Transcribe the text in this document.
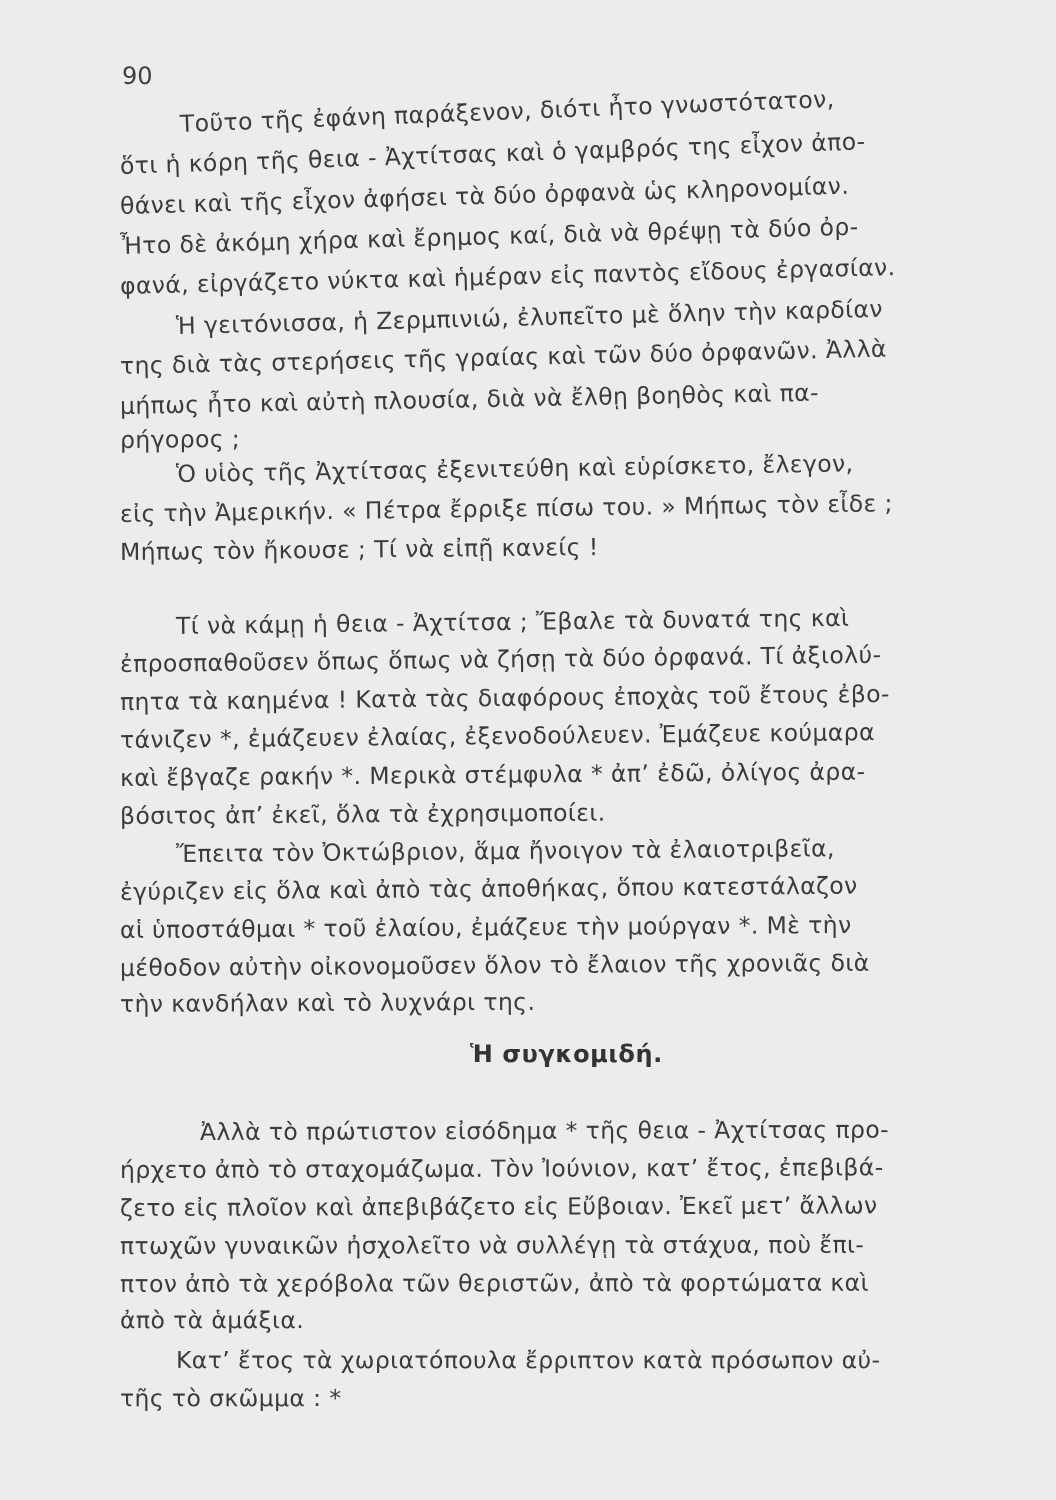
90
Τοῦτο τῆς ἐφάνη παράξενον, διότι ἦτο γνωστότατον,
ὅτι ἡ κόρη τῆς θεια - Ἀχτίτσας καὶ ὁ γαμβρός της εἶχον ἀπο-
θάνει καὶ τῆς εἶχον ἀφήσει τὰ δύο ὀρφανὰ ὡς κληρονομίαν.
Ἦτο δὲ ἀκόμη χήρα καὶ ἔρημος καί, διὰ νὰ θρέψῃ τὰ δύο ὀρ-
φανά, εἰργάζετο νύκτα καὶ ἡμέραν εἰς παντὸς εἴδους ἐργασίαν.
Ἡ γειτόνισσα, ἡ Ζερμπινιώ, ἐλυπεῖτο μὲ ὅλην τὴν καρδίαν
της διὰ τὰς στερήσεις τῆς γραίας καὶ τῶν δύο ὀρφανῶν. Ἀλλὰ
μήπως ἦτο καὶ αὐτὴ πλουσία, διὰ νὰ ἔλθῃ βοηθὸς καὶ πα-
ρήγορος ;
Ὁ υἱὸς τῆς Ἀχτίτσας ἐξενιτεύθη καὶ εὑρίσκετο, ἔλεγον,
εἰς τὴν Ἀμερικήν. « Πέτρα ἔρριξε πίσω του. » Μήπως τὸν εἶδε ;
Μήπως τὸν ἤκουσε ; Τί νὰ εἰπῇ κανείς !
Τί νὰ κάμῃ ἡ θεια - Ἀχτίτσα ; Ἔβαλε τὰ δυνατά της καὶ
ἐπροσπαθοῦσεν ὅπως ὅπως νὰ ζήσῃ τὰ δύο ὀρφανά. Τί ἀξιολύ-
πητα τὰ καημένα ! Κατὰ τὰς διαφόρους ἐποχὰς τοῦ ἔτους ἐβο-
τάνιζεν *, ἐμάζευεν ἐλαίας, ἐξενοδούλευεν. Ἐμάζευε κούμαρα
καὶ ἔβγαζε ρακήν *. Μερικὰ στέμφυλα * ἀπ’ ἐδῶ, ὀλίγος ἀρα-
βόσιτος ἀπ’ ἐκεῖ, ὅλα τὰ ἐχρησιμοποίει.
Ἔπειτα τὸν Ὀκτώβριον, ἅμα ἤνοιγον τὰ ἐλαιοτριβεῖα,
ἐγύριζεν εἰς ὅλα καὶ ἀπὸ τὰς ἀποθήκας, ὅπου κατεστάλαζον
αἱ ὑποστάθμαι * τοῦ ἐλαίου, ἐμάζευε τὴν μούργαν *. Μὲ τὴν
μέθοδον αὐτὴν οἰκονομοῦσεν ὅλον τὸ ἔλαιον τῆς χρονιᾶς διὰ
τὴν κανδήλαν καὶ τὸ λυχνάρι της.
Ἡ συγκομιδή.
Ἀλλὰ τὸ πρώτιστον εἰσόδημα * τῆς θεια - Ἀχτίτσας προ-
ήρχετο ἀπὸ τὸ σταχομάζωμα. Τὸν Ἰούνιον, κατ’ ἔτος, ἐπεβιβά-
ζετο εἰς πλοῖον καὶ ἀπεβιβάζετο εἰς Εὔβοιαν. Ἐκεῖ μετ’ ἄλλων
πτωχῶν γυναικῶν ἠσχολεῖτο νὰ συλλέγῃ τὰ στάχυα, ποὺ ἔπι-
πτον ἀπὸ τὰ χερόβολα τῶν θεριστῶν, ἀπὸ τὰ φορτώματα καὶ
ἀπὸ τὰ ἁμάξια.
Κατ’ ἔτος τὰ χωριατόπουλα ἔρριπτον κατὰ πρόσωπον αὐ-
τῆς τὸ σκῶμμα : *
